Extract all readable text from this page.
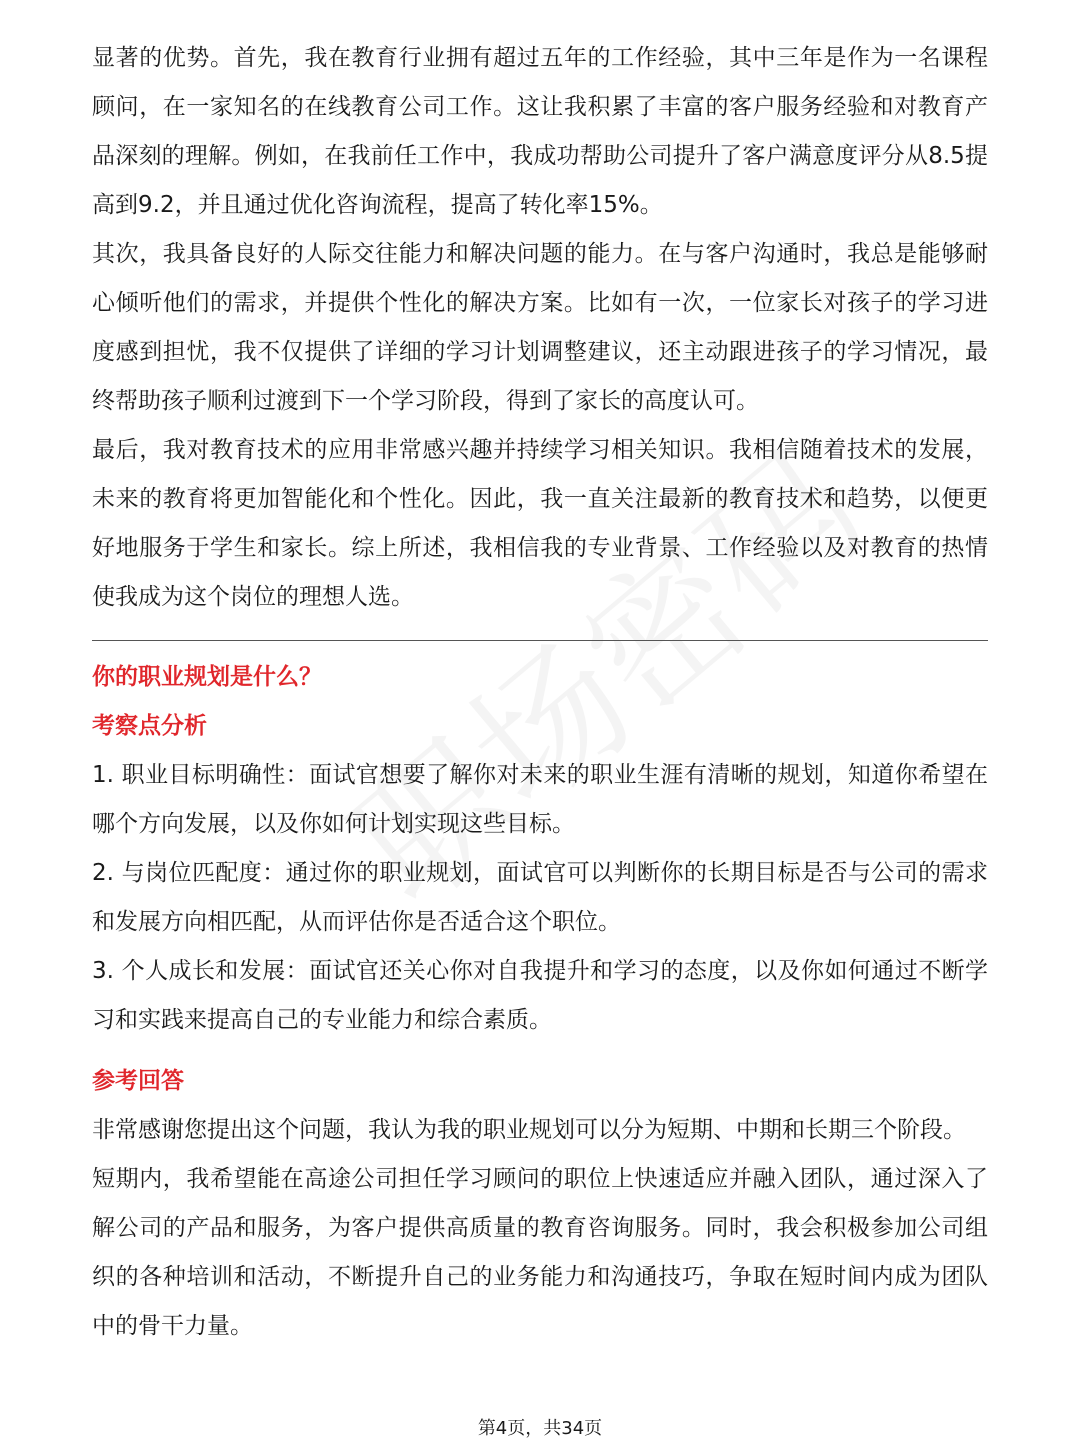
显著的优势。首先，我在教育行业拥有超过五年的工作经验，其中三年是作为一名课程顾问，在一家知名的在线教育公司工作。这让我积累了丰富的客户服务经验和对教育产品深刻的理解。例如，在我前任工作中，我成功帮助公司提升了客户满意度评分从8.5提高到9.2，并且通过优化咨询流程，提高了转化率15%。

其次，我具备良好的人际交往能力和解决问题的能力。在与客户沟通时，我总是能够耐心倾听他们的需求，并提供个性化的解决方案。比如有一次，一位家长对孩子的学习进度感到担忧，我不仅提供了详细的学习计划调整建议，还主动跟进孩子的学习情况，最终帮助孩子顺利过渡到下一个学习阶段，得到了家长的高度认可。

最后，我对教育技术的应用非常感兴趣并持续学习相关知识。我相信随着技术的发展，未来的教育将更加智能化和个性化。因此，我一直关注最新的教育技术和趋势，以便更好地服务于学生和家长。综上所述，我相信我的专业背景、工作经验以及对教育的热情使我成为这个岗位的理想人选。

你的职业规划是什么？

考察点分析

1. 职业目标明确性：面试官想要了解你对未来的职业生涯有清晰的规划，知道你希望在哪个方向发展，以及你如何计划实现这些目标。

2. 与岗位匹配度：通过你的职业规划，面试官可以判断你的长期目标是否与公司的需求和发展方向相匹配，从而评估你是否适合这个职位。

3. 个人成长和发展：面试官还关心你对自我提升和学习的态度，以及你如何通过不断学习和实践来提高自己的专业能力和综合素质。

参考回答

非常感谢您提出这个问题，我认为我的职业规划可以分为短期、中期和长期三个阶段。

短期内，我希望能在高途公司担任学习顾问的职位上快速适应并融入团队，通过深入了解公司的产品和服务，为客户提供高质量的教育咨询服务。同时，我会积极参加公司组织的各种培训和活动，不断提升自己的业务能力和沟通技巧，争取在短时间内成为团队中的骨干力量。

第4页，共34页
